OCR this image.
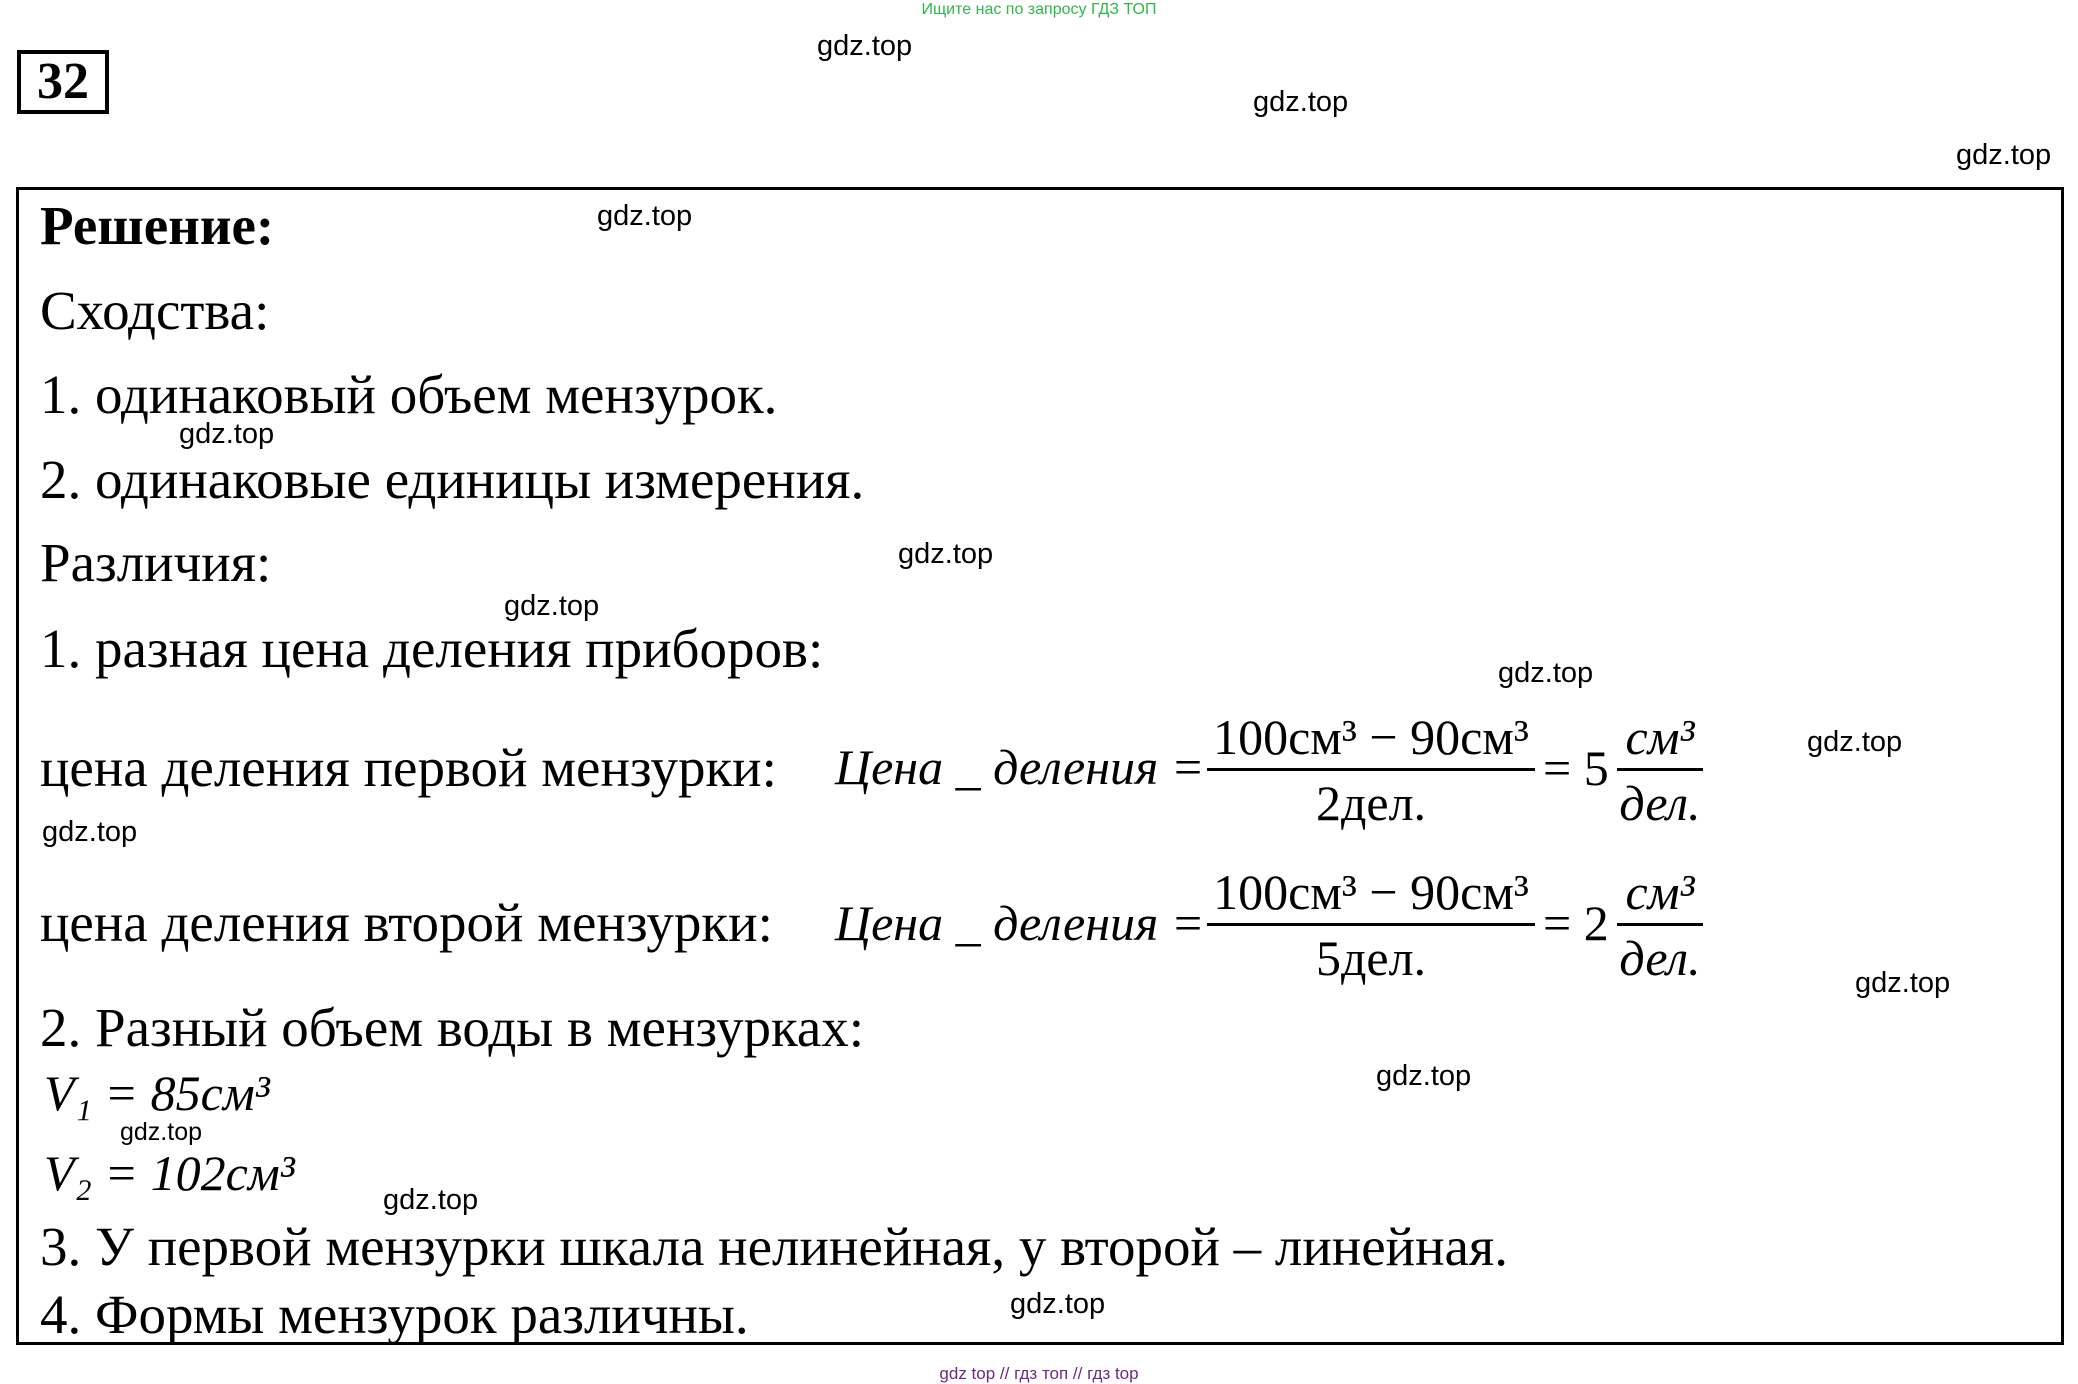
Ищите нас по запросу ГДЗ ТОП
32
gdz.top
gdz.top
gdz.top
Решение:	gdz.top
Сходства:
1. одинаковый объем мензурок.
gdz.top
2. одинаковые единицы измерения.
Различия:	gdz.top
gdz.top
1. разная цена деления приборов:	gdz.top
цена деления первой мензурки: Цена _ деления =
100см³ − 90см³
2дел.
= 5
см³
дел.
gdz.top
gdz.top
цена деления второй мензурки: Цена _ деления =
100см³ − 90см³
5дел.
= 2
см³
дел.	gdz.top
2. Разный объем воды в мензурках:
gdz.top
V₁ = 85см³
gdz.top
V₂ = 102см³	gdz.top
3. У первой мензурки шкала нелинейная, у второй – линейная.
4. Формы мензурок различны.	gdz.top
gdz top // гдз топ // гдз top
